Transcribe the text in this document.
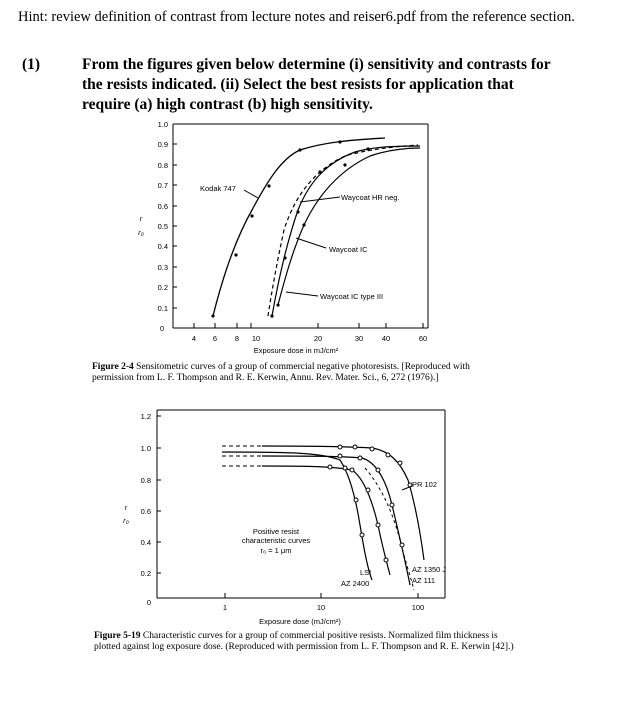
Hint: review definition of contrast from lecture notes and reiser6.pdf from the reference section.
(1)	From the figures given below determine (i) sensitivity and contrasts for the resists indicated. (ii) Select the best resists for application that require (a) high contrast (b) high sensitivity.
1.0
0.9
0.8
0.7
0.6
0.5
0.4
0.3
0.2
0.1
0
4 6 8 10	20	30 40	60
Exposure dose in mJ/cm²
r
r₀
Kodak 747
Waycoat HR neg.
Waycoat IC
Waycoat IC type III
1.2
1.0
0.8
0.6
0.4
0.2
0
1	10	100
Exposure dose (mJ/cm²)
r
r₀
Positive resist
characteristic curves
r₀ = 1 μm
PR 102
LSI
AZ 2400
AZ 1350 J
AZ 111
Figure 2-4 Sensitometric curves of a group of commercial negative photoresists. [Reproduced with permission from L. F. Thompson and R. E. Kerwin, Annu. Rev. Mater. Sci., 6, 272 (1976).]
Figure 5-19 Characteristic curves for a group of commercial positive resists. Normalized film thickness is plotted against log exposure dose. (Reproduced with permission from L. F. Thompson and R. E. Kerwin [42].)
